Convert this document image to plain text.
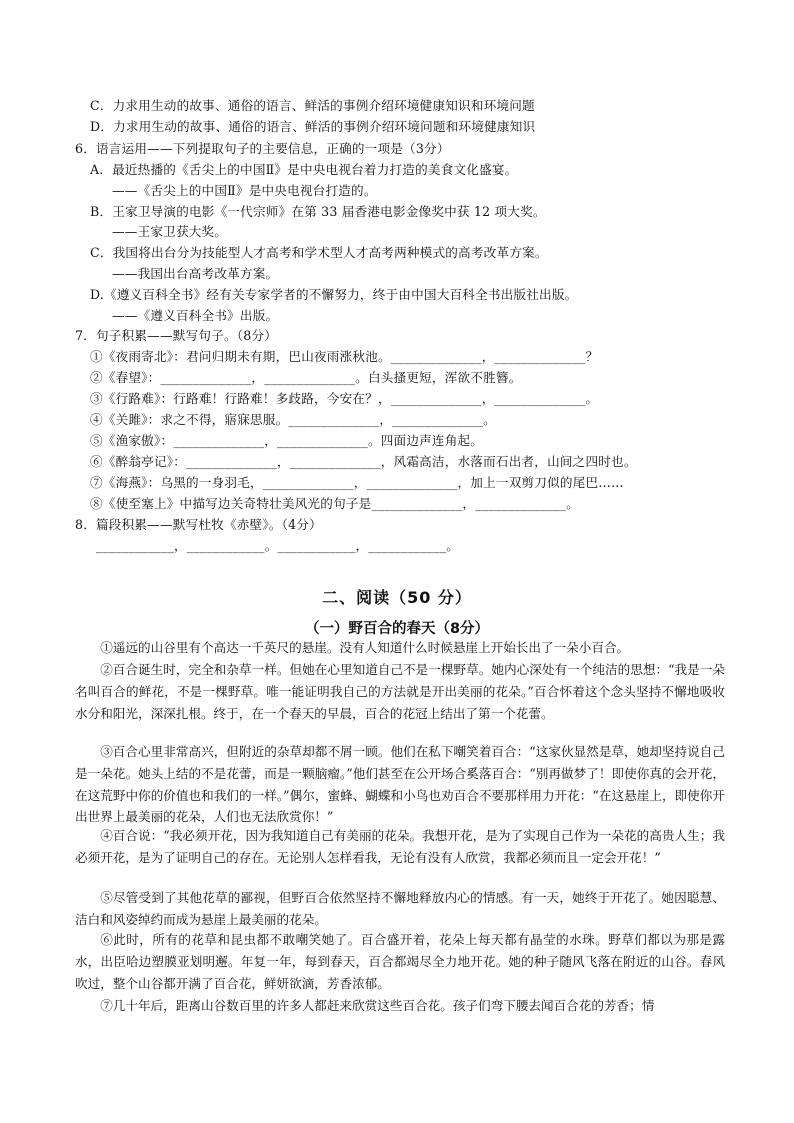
C．力求用生动的故事、通俗的语言、鲜活的事例介绍环境健康知识和环境问题
D．力求用生动的故事、通俗的语言、鲜活的事例介绍环境问题和环境健康知识
6．语言运用——下列提取句子的主要信息，正确的一项是（3分）
A．最近热播的《舌尖上的中国Ⅱ》是中央电视台着力打造的美食文化盛宴。
——《舌尖上的中国Ⅱ》是中央电视台打造的。
B．王家卫导演的电影《一代宗师》在第 33 届香港电影金像奖中获 12 项大奖。
——王家卫获大奖。
C．我国将出台分为技能型人才高考和学术型人才高考两种模式的高考改革方案。
——我国出台高考改革方案。
D.《遵义百科全书》经有关专家学者的不懈努力，终于由中国大百科全书出版社出版。
——《遵义百科全书》出版。
7．句子积累——默写句子。（8分）
①《夜雨寄北》：君问归期未有期，巴山夜雨涨秋池。______________，______________？
②《春望》：______________，______________。白头搔更短，浑欲不胜簪。
③《行路难》：行路难！行路难！多歧路，今安在？，______________，______________。
④《关雎》：求之不得，寤寐思服。______________，______________。
⑤《渔家傲》：______________，______________。四面边声连角起。
⑥《醉翁亭记》：______________，______________，风霜高洁，水落而石出者，山间之四时也。
⑦《海燕》：乌黑的一身羽毛，______________，______________，加上一双剪刀似的尾巴……
⑧《使至塞上》中描写边关奇特壮美风光的句子是______________，______________。
8．篇段积累——默写杜牧《赤壁》。（4分）
____________，____________。____________，____________。
二、阅读（50 分）
（一）野百合的春天（8分）
①遥远的山谷里有个高达一千英尺的悬崖。没有人知道什么时候悬崖上开始长出了一朵小百合。
②百合诞生时，完全和杂草一样。但她在心里知道自己不是一棵野草。她内心深处有一个纯洁的思想：“我是一朵名叫百合的鲜花，不是一棵野草。唯一能证明我自己的方法就是开出美丽的花朵。”百合怀着这个念头坚持不懈地吸收水分和阳光，深深扎根。终于，在一个春天的早晨，百合的花冠上结出了第一个花蕾。
③百合心里非常高兴，但附近的杂草却都不屑一顾。他们在私下嘲笑着百合：“这家伙显然是草，她却坚持说自己是一朵花。她头上结的不是花蕾，而是一颗脑瘤。”他们甚至在公开场合奚落百合：“别再做梦了！即使你真的会开花，在这荒野中你的价值也和我们的一样。”偶尔，蜜蜂、蝴蝶和小鸟也劝百合不要那样用力开花：“在这悬崖上，即使你开出世界上最美丽的花朵，人们也无法欣赏你！”
④百合说：“我必须开花，因为我知道自己有美丽的花朵。我想开花，是为了实现自己作为一朵花的高贵人生；我必须开花，是为了证明自己的存在。无论别人怎样看我，无论有没有人欣赏，我都必须而且一定会开花！”
⑤尽管受到了其他花草的鄙视，但野百合依然坚持不懈地释放内心的情感。有一天，她终于开花了。她因聪慧、洁白和风姿绰约而成为悬崖上最美丽的花朵。
⑥此时，所有的花草和昆虫都不敢嘲笑她了。百合盛开着，花朵上每天都有晶莹的水珠。野草们都以为那是露水，出臣哈边塑膜亚划明邂。年复一年，每到春天，百合都竭尽全力地开花。她的种子随风飞落在附近的山谷。春风吹过，整个山谷都开满了百合花，鲜妍欲滴，芳香浓郁。
⑦几十年后，距离山谷数百里的许多人都赶来欣赏这些百合花。孩子们弯下腰去闻百合花的芳香；情
